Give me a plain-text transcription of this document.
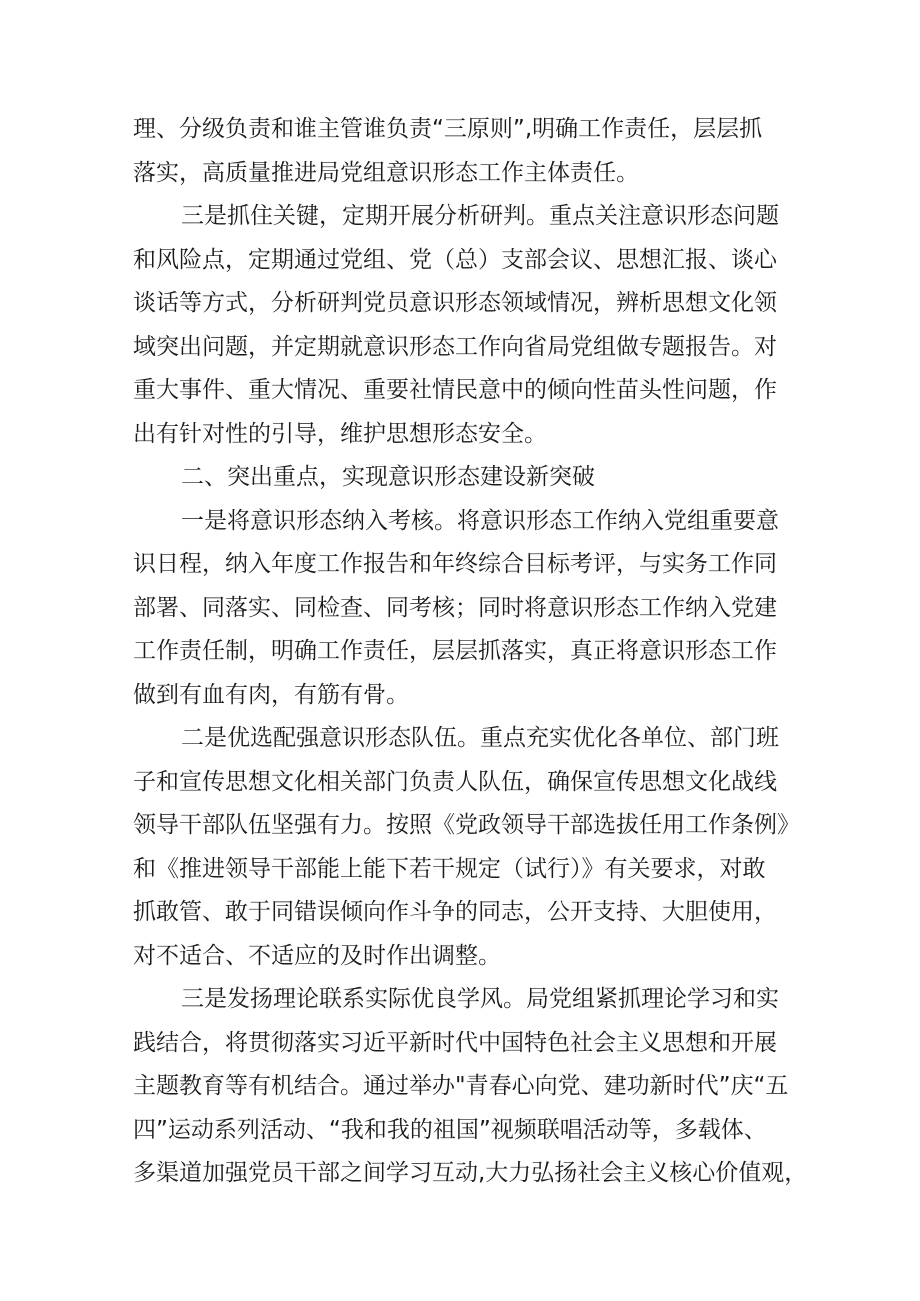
理、分级负责和谁主管谁负责“三原则”,明确工作责任，层层抓
落实，高质量推进局党组意识形态工作主体责任。
三是抓住关键，定期开展分析研判。重点关注意识形态问题
和风险点，定期通过党组、党（总）支部会议、思想汇报、谈心
谈话等方式，分析研判党员意识形态领域情况，辨析思想文化领
域突出问题，并定期就意识形态工作向省局党组做专题报告。对
重大事件、重大情况、重要社情民意中的倾向性苗头性问题，作
出有针对性的引导，维护思想形态安全。
二、突出重点，实现意识形态建设新突破
一是将意识形态纳入考核。将意识形态工作纳入党组重要意
识日程，纳入年度工作报告和年终综合目标考评，与实务工作同
部署、同落实、同检查、同考核；同时将意识形态工作纳入党建
工作责任制，明确工作责任，层层抓落实，真正将意识形态工作
做到有血有肉，有筋有骨。
二是优选配强意识形态队伍。重点充实优化各单位、部门班
子和宣传思想文化相关部门负责人队伍，确保宣传思想文化战线
领导干部队伍坚强有力。按照《党政领导干部选拔任用工作条例》
和《推进领导干部能上能下若干规定（试行）》有关要求，对敢
抓敢管、敢于同错误倾向作斗争的同志，公开支持、大胆使用，
对不适合、不适应的及时作出调整。
三是发扬理论联系实际优良学风。局党组紧抓理论学习和实
践结合，将贯彻落实习近平新时代中国特色社会主义思想和开展
主题教育等有机结合。通过举办"青春心向党、建功新时代”庆“五
四”运动系列活动、“我和我的祖国”视频联唱活动等，多载体、
多渠道加强党员干部之间学习互动,大力弘扬社会主义核心价值观，
